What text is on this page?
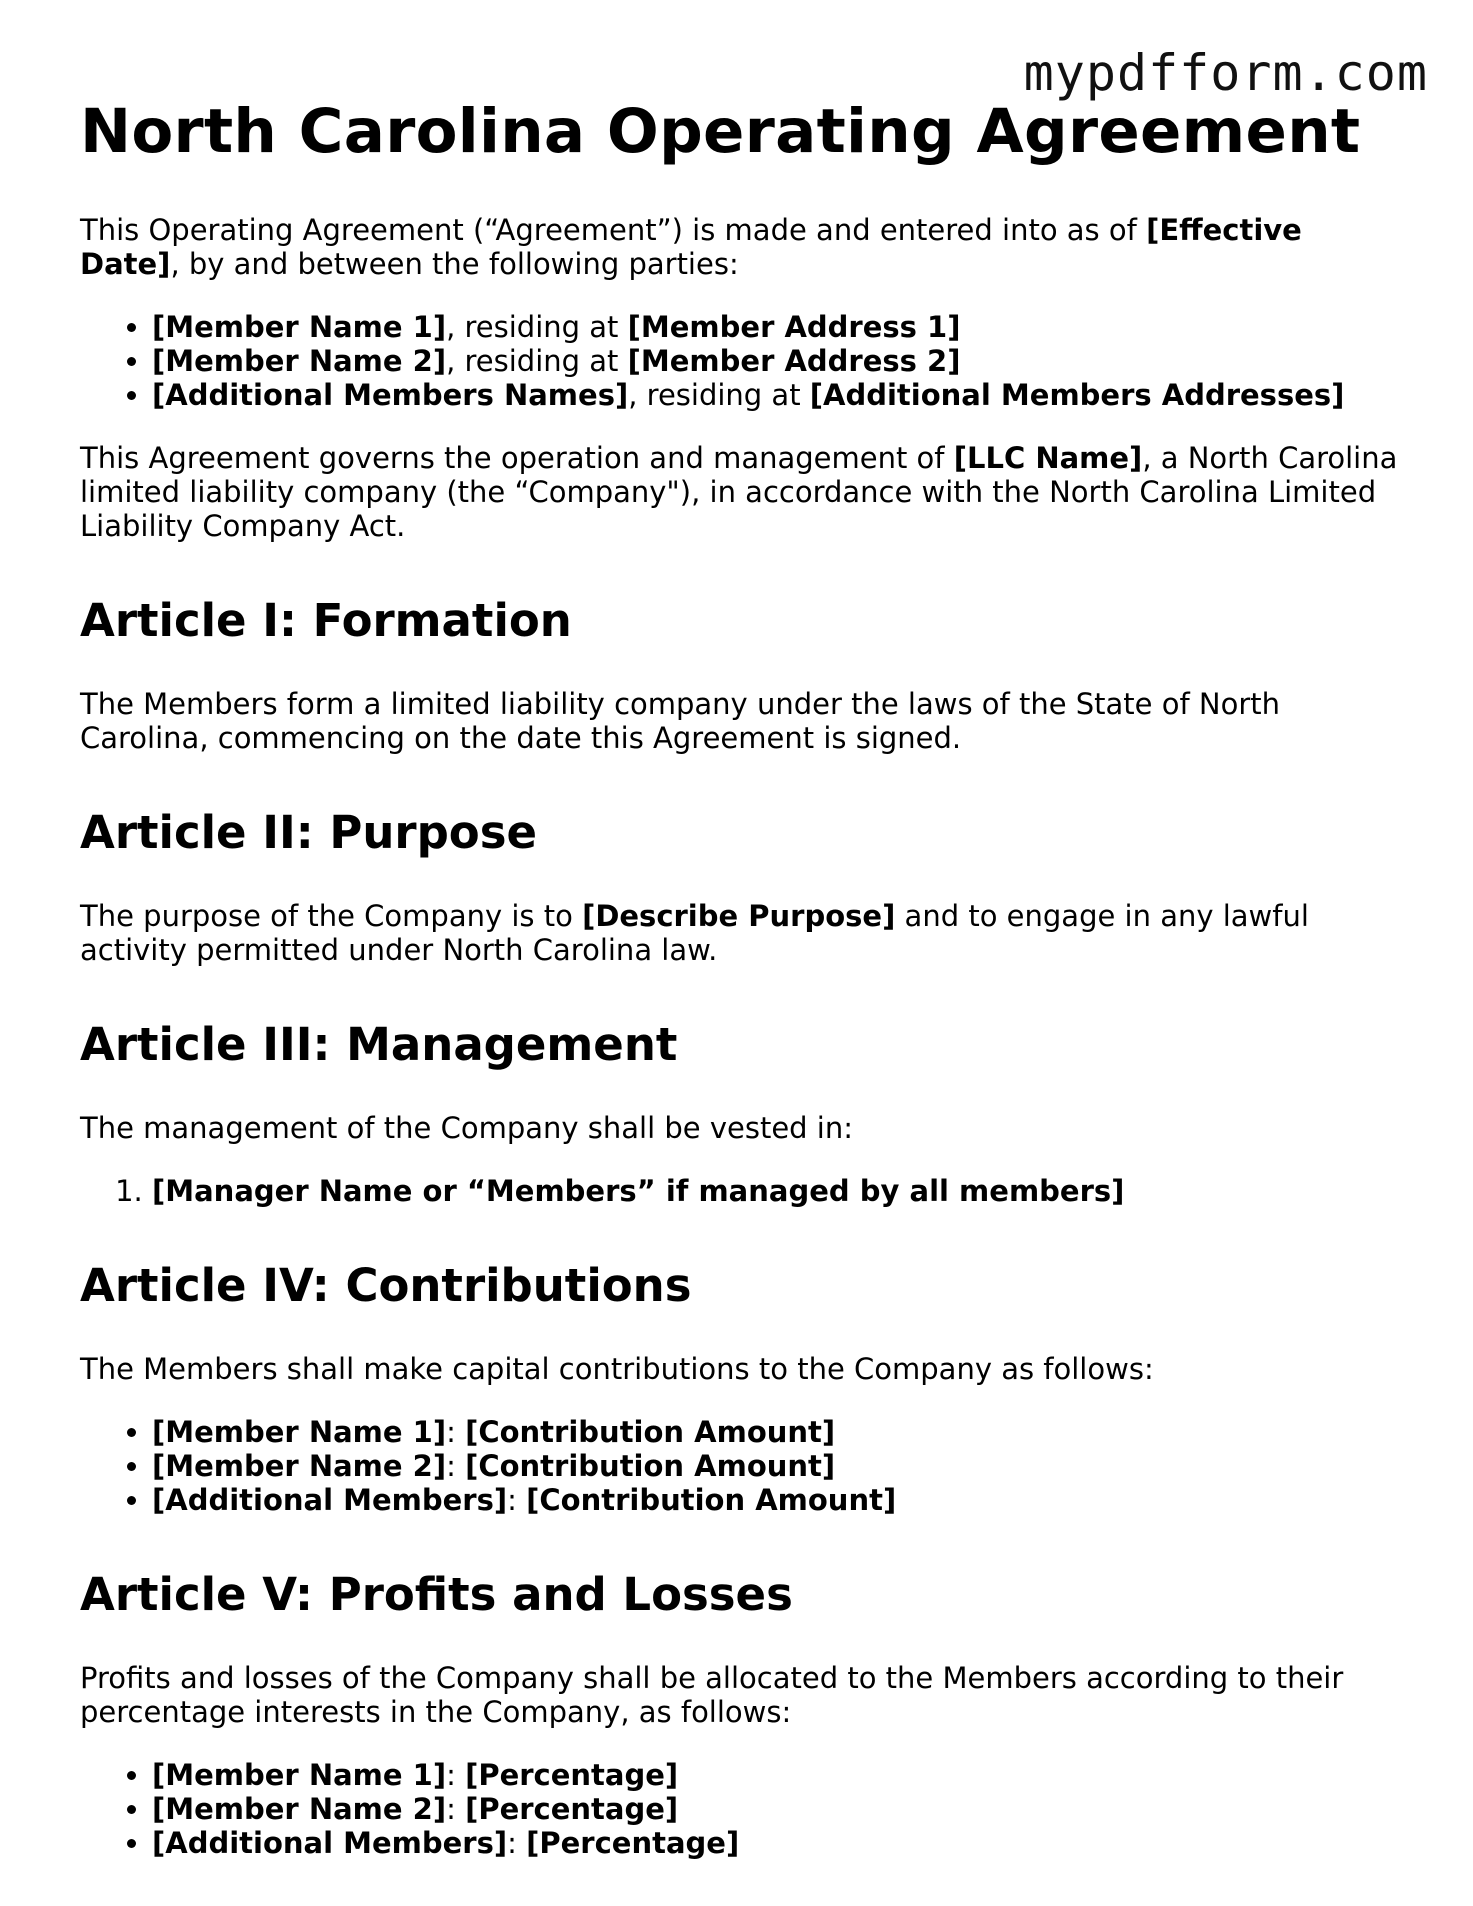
mypdfform.com
North Carolina Operating Agreement

This Operating Agreement (“Agreement”) is made and entered into as of [Effective Date], by and between the following parties:

• [Member Name 1], residing at [Member Address 1]
• [Member Name 2], residing at [Member Address 2]
• [Additional Members Names], residing at [Additional Members Addresses]

This Agreement governs the operation and management of [LLC Name], a North Carolina limited liability company (the “Company"), in accordance with the North Carolina Limited Liability Company Act.

Article I: Formation

The Members form a limited liability company under the laws of the State of North Carolina, commencing on the date this Agreement is signed.

Article II: Purpose

The purpose of the Company is to [Describe Purpose] and to engage in any lawful activity permitted under North Carolina law.

Article III: Management

The management of the Company shall be vested in:

1. [Manager Name or “Members” if managed by all members]
Article IV: Contributions

The Members shall make capital contributions to the Company as follows:

• [Member Name 1]: [Contribution Amount]
• [Member Name 2]: [Contribution Amount]
• [Additional Members]: [Contribution Amount]
Article V: Profits and Losses

Profits and losses of the Company shall be allocated to the Members according to their percentage interests in the Company, as follows:

• [Member Name 1]: [Percentage]
• [Member Name 2]: [Percentage]
• [Additional Members]: [Percentage]
